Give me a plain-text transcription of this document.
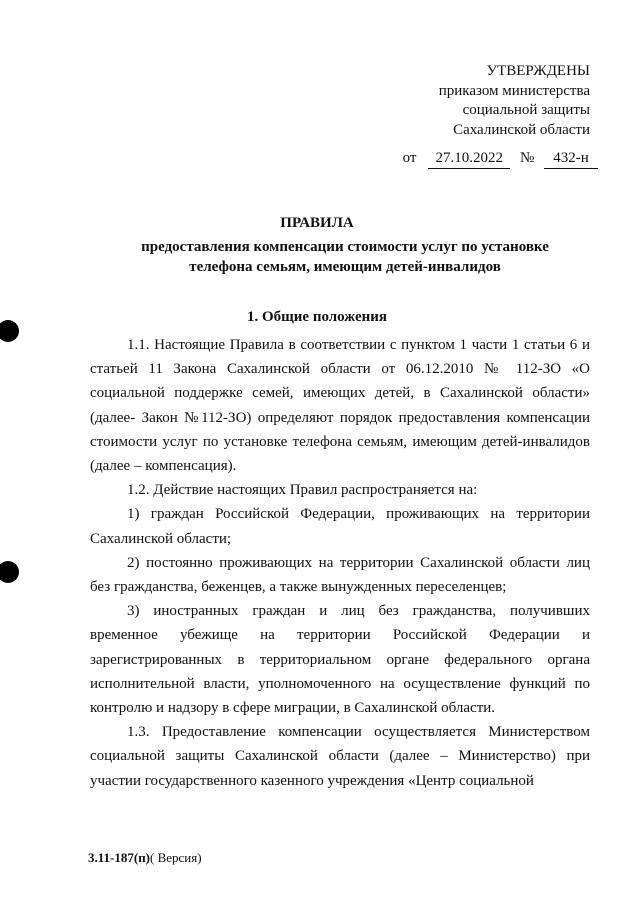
УТВЕРЖДЕНЫ
приказом министерства
социальной защиты
Сахалинской области
от 27.10.2022 № 432-н
ПРАВИЛА
предоставления компенсации стоимости услуг по установке
телефона семьям, имеющим детей-инвалидов
1. Общие положения

1.1. Настоящие Правила в соответствии с пунктом 1 части 1 статьи 6 и статьей 11 Закона Сахалинской области от 06.12.2010 № 112-ЗО «О социальной поддержке семей, имеющих детей, в Сахалинской области» (далее- Закон №112-ЗО) определяют порядок предоставления компенсации стоимости услуг по установке телефона семьям, имеющим детей-инвалидов (далее – компенсация).

1.2. Действие настоящих Правил распространяется на:

1) граждан Российской Федерации, проживающих на территории Сахалинской области;

2) постоянно проживающих на территории Сахалинской области лиц без гражданства, беженцев, а также вынужденных переселенцев;

3) иностранных граждан и лиц без гражданства, получивших временное убежище на территории Российской Федерации и зарегистрированных в территориальном органе федерального органа исполнительной власти, уполномоченного на осуществление функций по контролю и надзору в сфере миграции, в Сахалинской области.

1.3. Предоставление компенсации осуществляется Министерством социальной защиты Сахалинской области (далее – Министерство) при участии государственного казенного учреждения «Центр социальной

3.11-187(п)( Версия)
